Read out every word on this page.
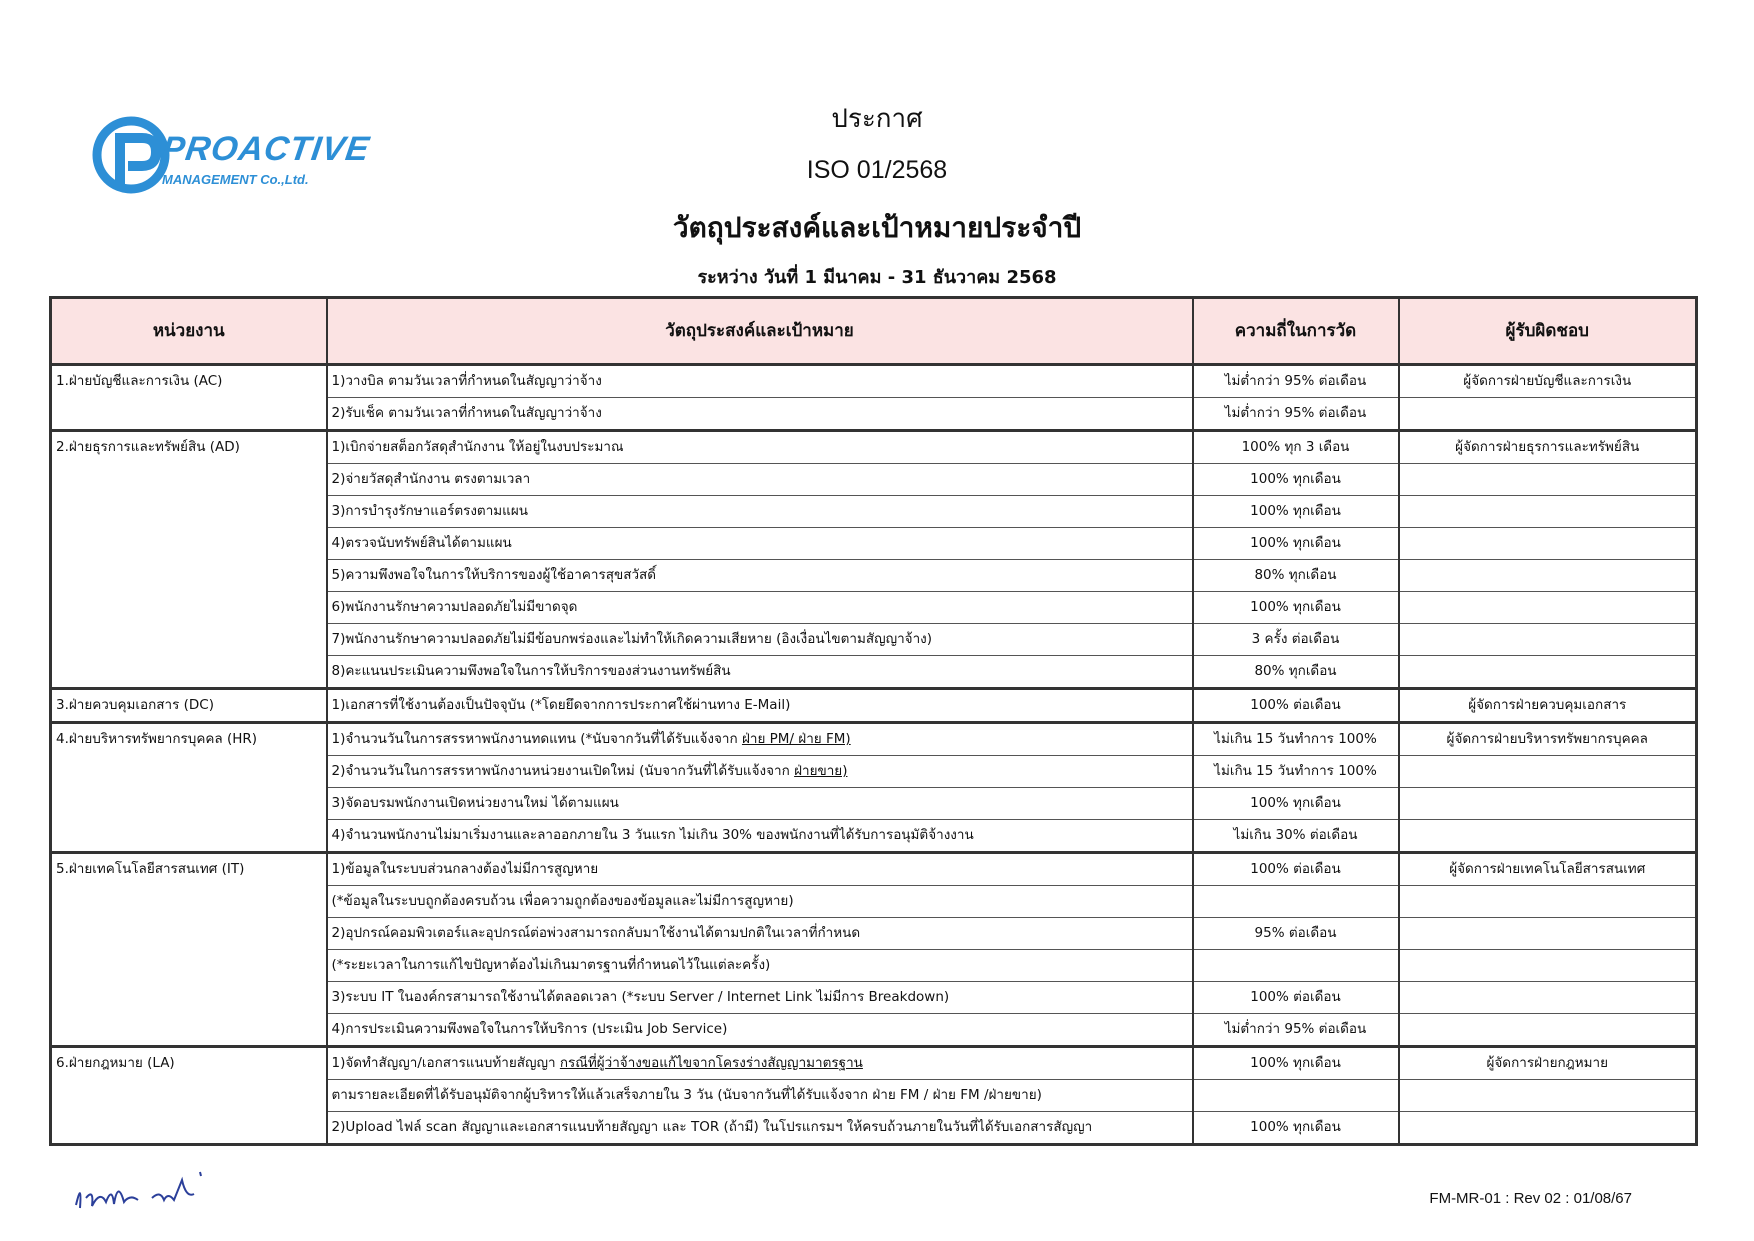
PROACTIVE
MANAGEMENT Co.,Ltd.
ประกาศ
ISO 01/2568
วัตถุประสงค์และเป้าหมายประจำปี
ระหว่าง วันที่ 1 มีนาคม - 31 ธันวาคม 2568
หน่วยงาน	วัตถุประสงค์และเป้าหมาย	ความถี่ในการวัด	ผู้รับผิดชอบ
1.ฝ่ายบัญชีและการเงิน (AC)	1)วางบิล ตามวันเวลาที่กำหนดในสัญญาว่าจ้าง	ไม่ต่ำกว่า 95% ต่อเดือน	ผู้จัดการฝ่ายบัญชีและการเงิน
	2)รับเช็ค ตามวันเวลาที่กำหนดในสัญญาว่าจ้าง	ไม่ต่ำกว่า 95% ต่อเดือน	
2.ฝ่ายธุรการและทรัพย์สิน (AD)	1)เบิกจ่ายสต็อกวัสดุสำนักงาน ให้อยู่ในงบประมาณ	100% ทุก 3 เดือน	ผู้จัดการฝ่ายธุรการและทรัพย์สิน
	2)จ่ายวัสดุสำนักงาน ตรงตามเวลา	100% ทุกเดือน	
	3)การบำรุงรักษาแอร์ตรงตามแผน	100% ทุกเดือน	
	4)ตรวจนับทรัพย์สินได้ตามแผน	100% ทุกเดือน	
	5)ความพึงพอใจในการให้บริการของผู้ใช้อาคารสุขสวัสดิ์	80% ทุกเดือน	
	6)พนักงานรักษาความปลอดภัยไม่มีขาดจุด	100% ทุกเดือน	
	7)พนักงานรักษาความปลอดภัยไม่มีข้อบกพร่องและไม่ทำให้เกิดความเสียหาย (อิงเงื่อนไขตามสัญญาจ้าง)	3 ครั้ง ต่อเดือน	
	8)คะแนนประเมินความพึงพอใจในการให้บริการของส่วนงานทรัพย์สิน	80% ทุกเดือน	
3.ฝ่ายควบคุมเอกสาร (DC)	1)เอกสารที่ใช้งานต้องเป็นปัจจุบัน (*โดยยึดจากการประกาศใช้ผ่านทาง E-Mail)	100% ต่อเดือน	ผู้จัดการฝ่ายควบคุมเอกสาร
4.ฝ่ายบริหารทรัพยากรบุคคล (HR)	1)จำนวนวันในการสรรหาพนักงานทดแทน (*นับจากวันที่ได้รับแจ้งจาก ฝ่าย PM/ ฝ่าย FM)	ไม่เกิน 15 วันทำการ 100%	ผู้จัดการฝ่ายบริหารทรัพยากรบุคคล
	2)จำนวนวันในการสรรหาพนักงานหน่วยงานเปิดใหม่ (นับจากวันที่ได้รับแจ้งจาก ฝ่ายขาย)	ไม่เกิน 15 วันทำการ 100%	
	3)จัดอบรมพนักงานเปิดหน่วยงานใหม่ ได้ตามแผน	100% ทุกเดือน	
	4)จำนวนพนักงานไม่มาเริ่มงานและลาออกภายใน 3 วันแรก ไม่เกิน 30% ของพนักงานที่ได้รับการอนุมัติจ้างงาน	ไม่เกิน 30% ต่อเดือน	
5.ฝ่ายเทคโนโลยีสารสนเทศ (IT)	1)ข้อมูลในระบบส่วนกลางต้องไม่มีการสูญหาย	100% ต่อเดือน	ผู้จัดการฝ่ายเทคโนโลยีสารสนเทศ
	(*ข้อมูลในระบบถูกต้องครบถ้วน เพื่อความถูกต้องของข้อมูลและไม่มีการสูญหาย)		
	2)อุปกรณ์คอมพิวเตอร์และอุปกรณ์ต่อพ่วงสามารถกลับมาใช้งานได้ตามปกติในเวลาที่กำหนด	95% ต่อเดือน	
	(*ระยะเวลาในการแก้ไขปัญหาต้องไม่เกินมาตรฐานที่กำหนดไว้ในแต่ละครั้ง)		
	3)ระบบ IT ในองค์กรสามารถใช้งานได้ตลอดเวลา (*ระบบ Server / Internet Link ไม่มีการ Breakdown)	100% ต่อเดือน	
	4)การประเมินความพึงพอใจในการให้บริการ (ประเมิน Job Service)	ไม่ต่ำกว่า 95% ต่อเดือน	
6.ฝ่ายกฎหมาย (LA)	1)จัดทำสัญญา/เอกสารแนบท้ายสัญญา กรณีที่ผู้ว่าจ้างขอแก้ไขจากโครงร่างสัญญามาตรฐาน	100% ทุกเดือน	ผู้จัดการฝ่ายกฎหมาย
	ตามรายละเอียดที่ได้รับอนุมัติจากผู้บริหารให้แล้วเสร็จภายใน 3 วัน (นับจากวันที่ได้รับแจ้งจาก ฝ่าย FM / ฝ่าย FM /ฝ่ายขาย)		
	2)Upload ไฟล์ scan สัญญาและเอกสารแนบท้ายสัญญา และ TOR (ถ้ามี) ในโปรแกรมฯ ให้ครบถ้วนภายในวันที่ได้รับเอกสารสัญญา	100% ทุกเดือน	
FM-MR-01 : Rev 02 : 01/08/67
